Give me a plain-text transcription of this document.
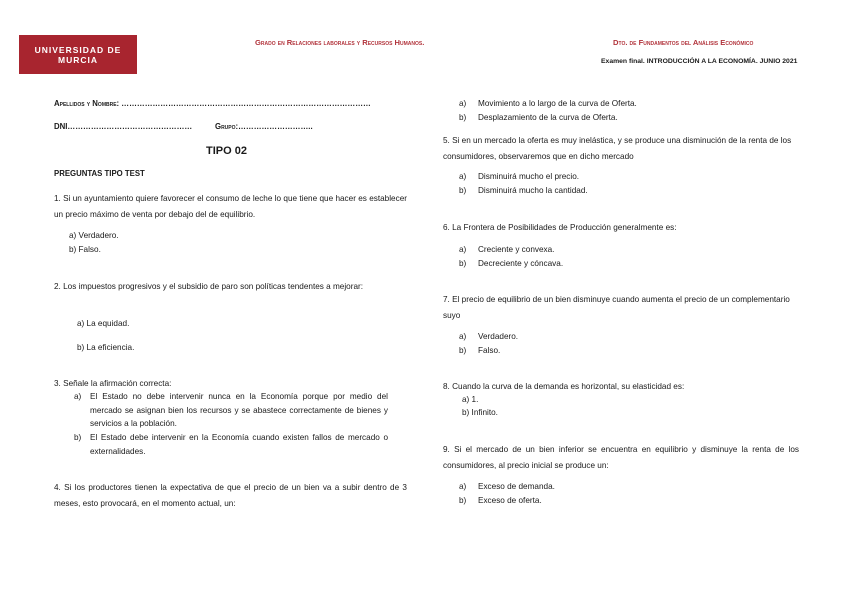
UNIVERSIDAD DE
MURCIA
Grado en Relaciones laborales y Recursos Humanos.	Dto. de Fundamentos del Análisis Económico
Examen final. INTRODUCCIÓN A LA ECONOMÍA. JUNIO 2021
Apellidos y Nombre: ……………………………………………………………………………………
DNI…………………………………………	Grupo:………………………..
TIPO 02
PREGUNTAS TIPO TEST
1. Si un ayuntamiento quiere favorecer el consumo de leche lo que tiene que hacer es establecer un precio máximo de venta por debajo del de equilibrio.
a) Verdadero.
b) Falso.
2. Los impuestos progresivos y el subsidio de paro son políticas tendentes a mejorar:
a) La equidad.
b) La eficiencia.
3. Señale la afirmación correcta:
a) El Estado no debe intervenir nunca en la Economía porque por medio del mercado se asignan bien los recursos y se abastece correctamente de bienes y servicios a la población.
b) El Estado debe intervenir en la Economía cuando existen fallos de mercado o externalidades.
4. Si los productores tienen la expectativa de que el precio de un bien va a subir dentro de 3 meses, esto provocará, en el momento actual, un:
a) Movimiento a lo largo de la curva de Oferta.
b) Desplazamiento de la curva de Oferta.
5. Si en un mercado la oferta es muy inelástica, y se produce una disminución de la renta de los consumidores, observaremos que en dicho mercado
a) Disminuirá mucho el precio.
b) Disminuirá mucho la cantidad.
6. La Frontera de Posibilidades de Producción generalmente es:
a) Creciente y convexa.
b) Decreciente y cóncava.
7. El precio de equilibrio de un bien disminuye cuando aumenta el precio de un complementario suyo
a) Verdadero.
b) Falso.
8. Cuando la curva de la demanda es horizontal, su elasticidad es:
a) 1.
b) Infinito.
9. Si el mercado de un bien inferior se encuentra en equilibrio y disminuye la renta de los consumidores, al precio inicial se produce un:
a) Exceso de demanda.
b) Exceso de oferta.
